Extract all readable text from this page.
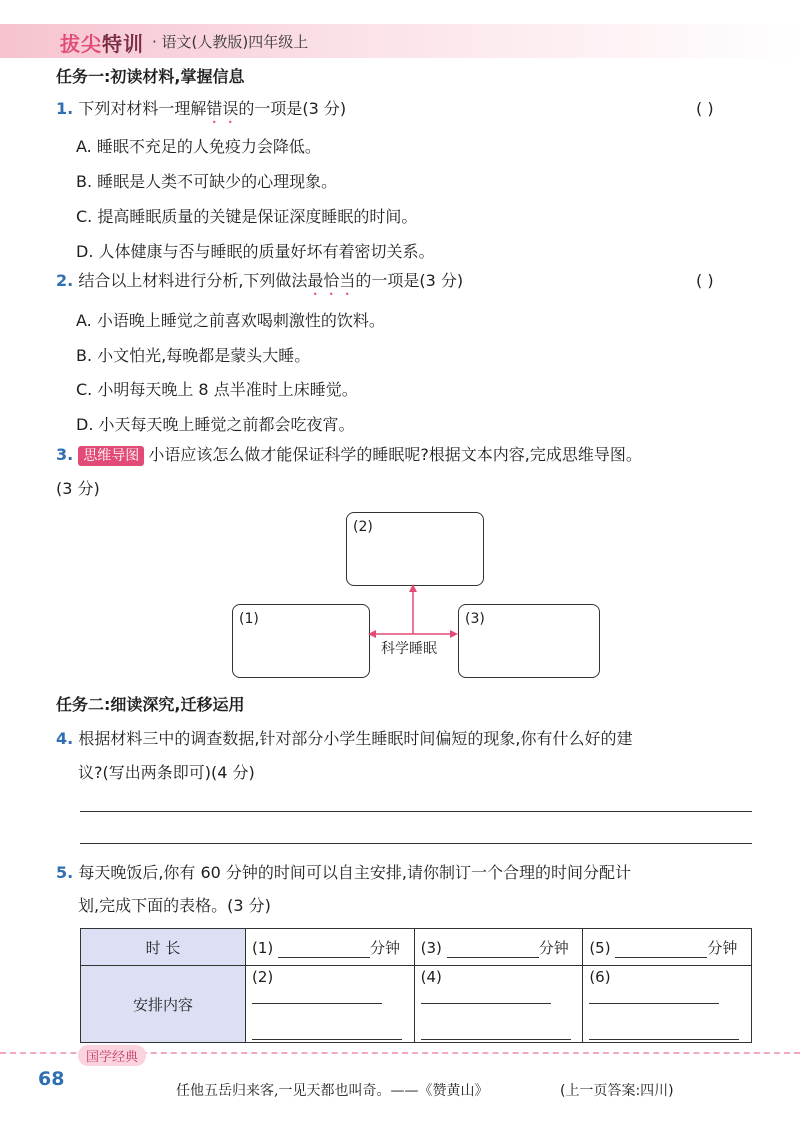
拔尖特训 · 语文(人教版)四年级上
任务一:初读材料,掌握信息
1. 下列对材料一理解错误的一项是(3 分)	( )
A. 睡眠不充足的人免疫力会降低。
B. 睡眠是人类不可缺少的心理现象。
C. 提高睡眠质量的关键是保证深度睡眠的时间。
D. 人体健康与否与睡眠的质量好坏有着密切关系。
2. 结合以上材料进行分析,下列做法最恰当的一项是(3 分)	( )
A. 小语晚上睡觉之前喜欢喝刺激性的饮料。
B. 小文怕光,每晚都是蒙头大睡。
C. 小明每天晚上 8 点半准时上床睡觉。
D. 小天每天晚上睡觉之前都会吃夜宵。
3. 思维导图 小语应该怎么做才能保证科学的睡眠呢?根据文本内容,完成思维导图。
(3 分)
(2)
(1)	(3)
科学睡眠
任务二:细读深究,迁移运用
4. 根据材料三中的调查数据,针对部分小学生睡眠时间偏短的现象,你有什么好的建
议?(写出两条即可)(4 分)
5. 每天晚饭后,你有 60 分钟的时间可以自主安排,请你制订一个合理的时间分配计
划,完成下面的表格。(3 分)
时 长	(1) 分钟	(3) 分钟	(5) 分钟
安排内容	(2)	(4)	(6)
国学经典
68
任他五岳归来客,一见天都也叫奇。——《赞黄山》	(上一页答案:四川)
